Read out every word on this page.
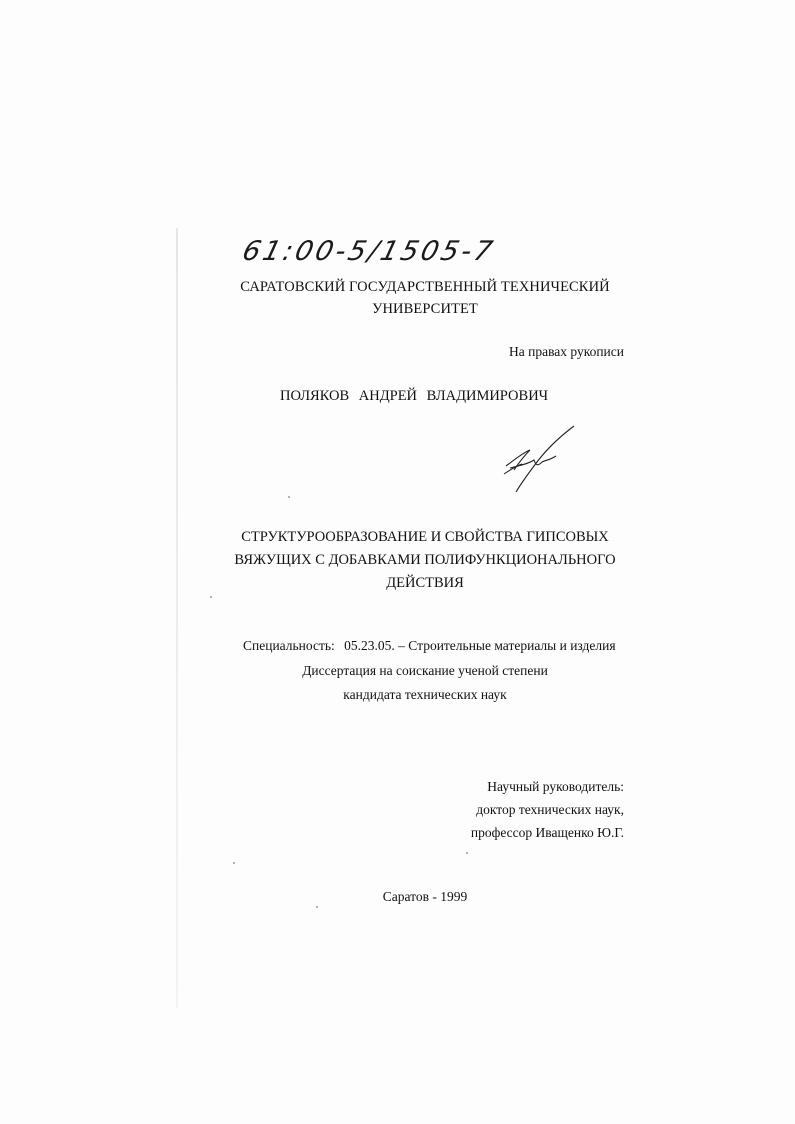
61:00-5/1505-7
САРАТОВСКИЙ ГОСУДАРСТВЕННЫЙ ТЕХНИЧЕСКИЙ
УНИВЕРСИТЕТ
На правах рукописи
ПОЛЯКОВ АНДРЕЙ ВЛАДИМИРОВИЧ
СТРУКТУРООБРАЗОВАНИЕ И СВОЙСТВА ГИПСОВЫХ
ВЯЖУЩИХ С ДОБАВКАМИ ПОЛИФУНКЦИОНАЛЬНОГО
ДЕЙСТВИЯ
Специальность: 05.23.05. – Строительные материалы и изделия
Диссертация на соискание ученой степени
кандидата технических наук
Научный руководитель:
доктор технических наук,
профессор Иващенко Ю.Г.
Саратов - 1999
